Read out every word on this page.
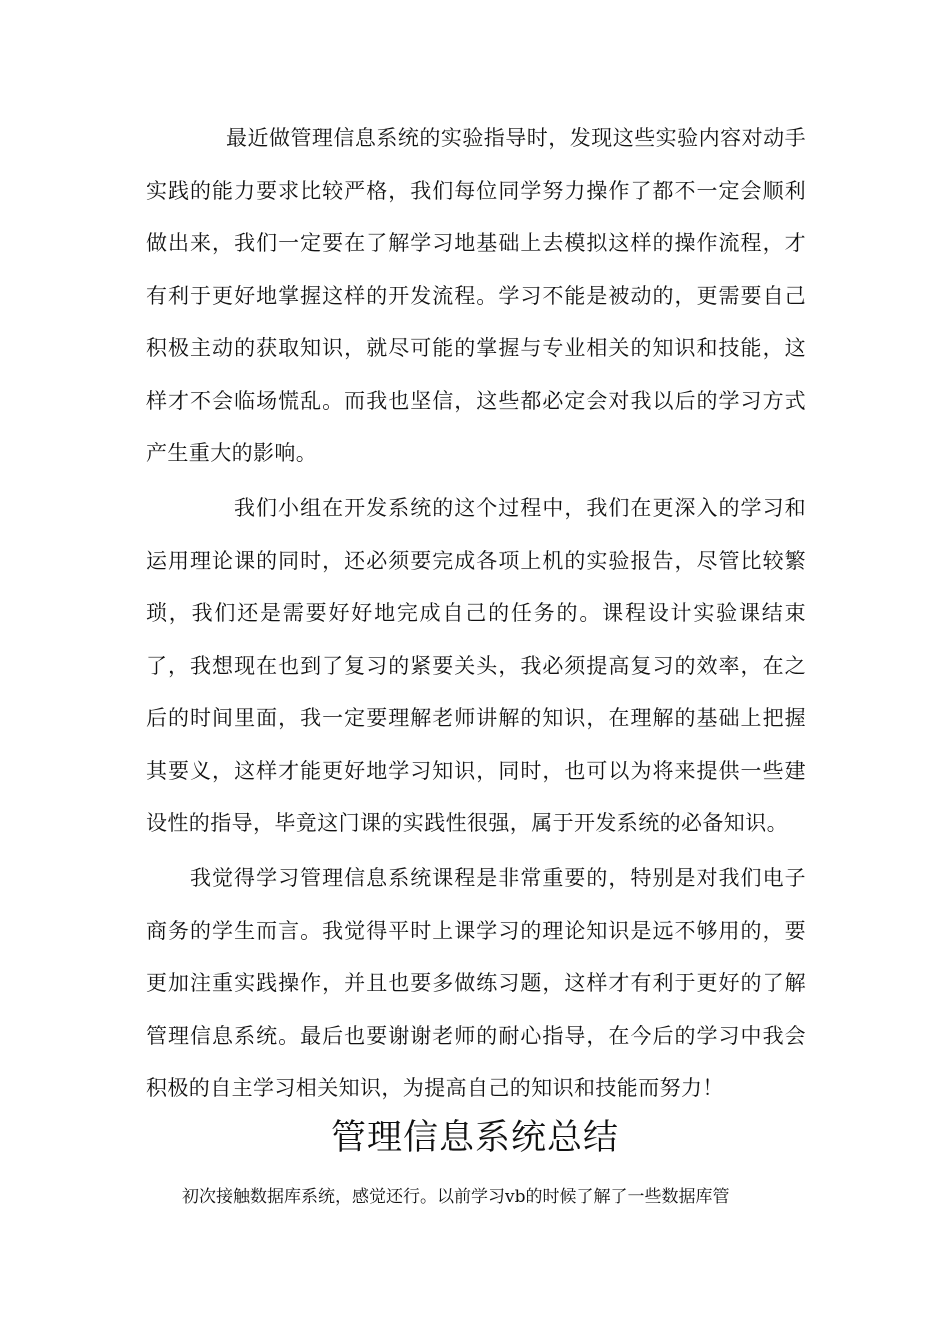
最近做管理信息系统的实验指导时，发现这些实验内容对动手实践的能力要求比较严格，我们每位同学努力操作了都不一定会顺利做出来，我们一定要在了解学习地基础上去模拟这样的操作流程，才有利于更好地掌握这样的开发流程。学习不能是被动的，更需要自己积极主动的获取知识，就尽可能的掌握与专业相关的知识和技能，这样才不会临场慌乱。而我也坚信，这些都必定会对我以后的学习方式产生重大的影响。

我们小组在开发系统的这个过程中，我们在更深入的学习和运用理论课的同时，还必须要完成各项上机的实验报告，尽管比较繁琐，我们还是需要好好地完成自己的任务的。课程设计实验课结束了，我想现在也到了复习的紧要关头，我必须提高复习的效率，在之后的时间里面，我一定要理解老师讲解的知识，在理解的基础上把握其要义，这样才能更好地学习知识，同时，也可以为将来提供一些建设性的指导，毕竟这门课的实践性很强，属于开发系统的必备知识。

我觉得学习管理信息系统课程是非常重要的，特别是对我们电子商务的学生而言。我觉得平时上课学习的理论知识是远不够用的，要更加注重实践操作，并且也要多做练习题，这样才有利于更好的了解管理信息系统。最后也要谢谢老师的耐心指导，在今后的学习中我会积极的自主学习相关知识，为提高自己的知识和技能而努力！

管理信息系统总结

初次接触数据库系统，感觉还行。以前学习vb的时候了解了一些数据库管
